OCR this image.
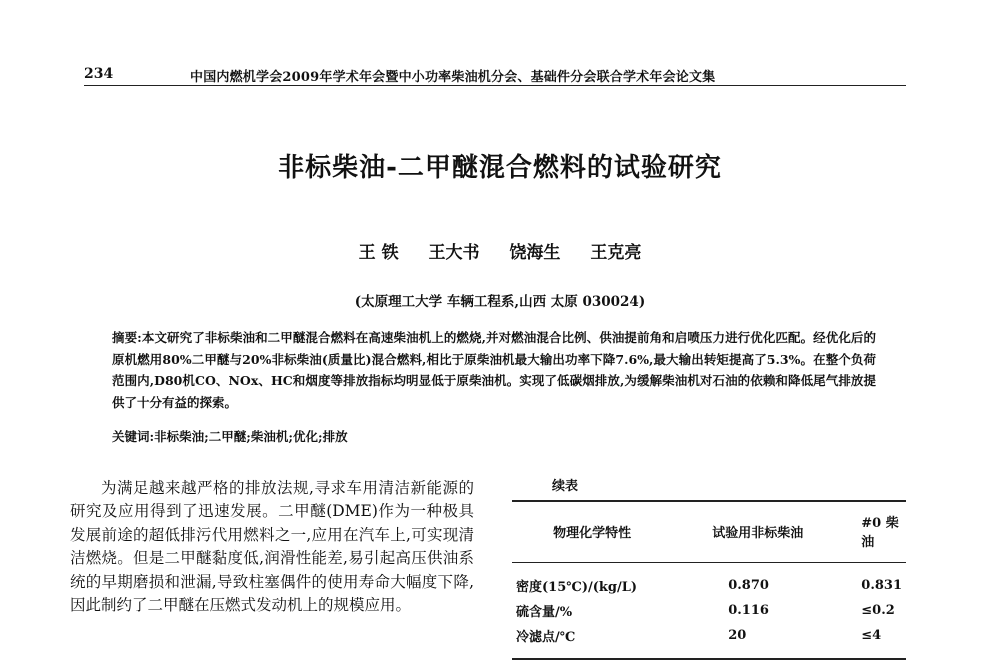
234	中国内燃机学会2009年学术年会暨中小功率柴油机分会、基础件分会联合学术年会论文集
非标柴油-二甲醚混合燃料的试验研究
王 铁 王大书 饶海生 王克亮
(太原理工大学 车辆工程系,山西 太原 030024)
摘要:本文研究了非标柴油和二甲醚混合燃料在高速柴油机上的燃烧,并对燃油混合比例、供油提前角和启喷压力进行优化匹配。经优化后的原机燃用80%二甲醚与20%非标柴油(质量比)混合燃料,相比于原柴油机最大输出功率下降7.6%,最大输出转矩提高了5.3%。在整个负荷范围内,D80机CO、NOx、HC和烟度等排放指标均明显低于原柴油机。实现了低碳烟排放,为缓解柴油机对石油的依赖和降低尾气排放提供了十分有益的探索。
关键词:非标柴油;二甲醚;柴油机;优化;排放

为满足越来越严格的排放法规,寻求车用清洁新能源的研究及应用得到了迅速发展。二甲醚(DME)作为一种极具发展前途的超低排污代用燃料之一,应用在汽车上,可实现清洁燃烧。但是二甲醚黏度低,润滑性能差,易引起高压供油系统的早期磨损和泄漏,导致柱塞偶件的使用寿命大幅度下降,因此制约了二甲醚在压燃式发动机上的规模应用。

续表
物理化学特性	试验用非标柴油	#0 柴油
密度(15℃)/(kg/L)	0.870	0.831
硫含量/%	0.116	≤0.2
冷滤点/℃	20	≤4
